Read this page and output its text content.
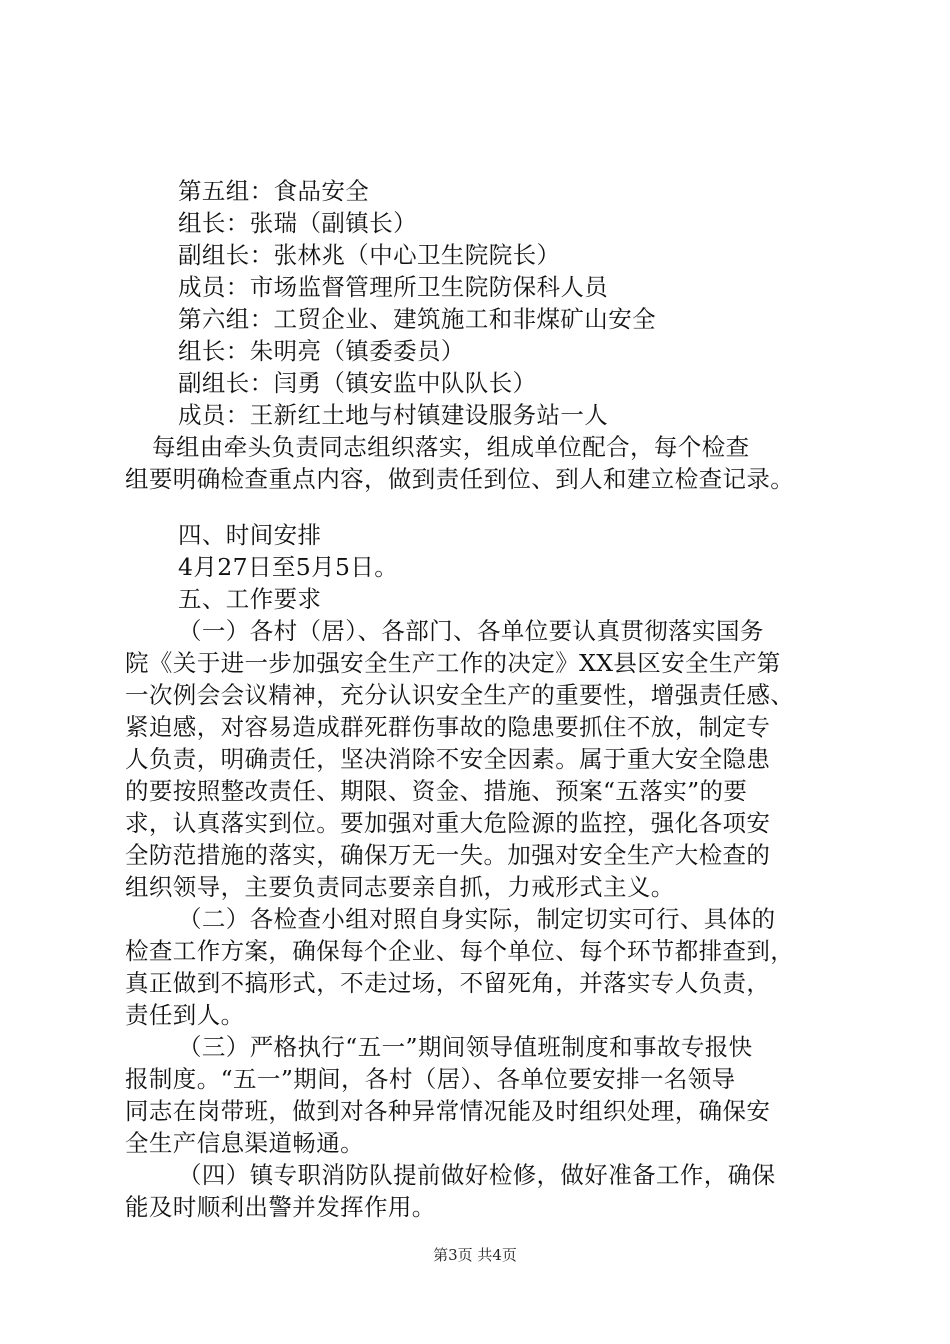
第五组：食品安全
组长：张瑞（副镇长）
副组长：张林兆（中心卫生院院长）
成员：市场监督管理所卫生院防保科人员
第六组：工贸企业、建筑施工和非煤矿山安全
组长：朱明亮（镇委委员）
副组长：闫勇（镇安监中队队长）
成员：王新红土地与村镇建设服务站一人
每组由牵头负责同志组织落实，组成单位配合，每个检查
组要明确检查重点内容，做到责任到位、到人和建立检查记录。
四、时间安排
4月27日至5月5日。
五、工作要求
（一）各村（居）、各部门、各单位要认真贯彻落实国务
院《关于进一步加强安全生产工作的决定》XX县区安全生产第
一次例会会议精神，充分认识安全生产的重要性，增强责任感、
紧迫感，对容易造成群死群伤事故的隐患要抓住不放，制定专
人负责，明确责任，坚决消除不安全因素。属于重大安全隐患
的要按照整改责任、期限、资金、措施、预案“五落实”的要
求，认真落实到位。要加强对重大危险源的监控，强化各项安
全防范措施的落实，确保万无一失。加强对安全生产大检查的
组织领导，主要负责同志要亲自抓，力戒形式主义。
（二）各检查小组对照自身实际，制定切实可行、具体的
检查工作方案，确保每个企业、每个单位、每个环节都排查到，
真正做到不搞形式，不走过场，不留死角，并落实专人负责，
责任到人。
（三）严格执行“五一”期间领导值班制度和事故专报快
报制度。“五一”期间，各村（居）、各单位要安排一名领导
同志在岗带班，做到对各种异常情况能及时组织处理，确保安
全生产信息渠道畅通。
（四）镇专职消防队提前做好检修，做好准备工作，确保
能及时顺利出警并发挥作用。
第3页 共4页
